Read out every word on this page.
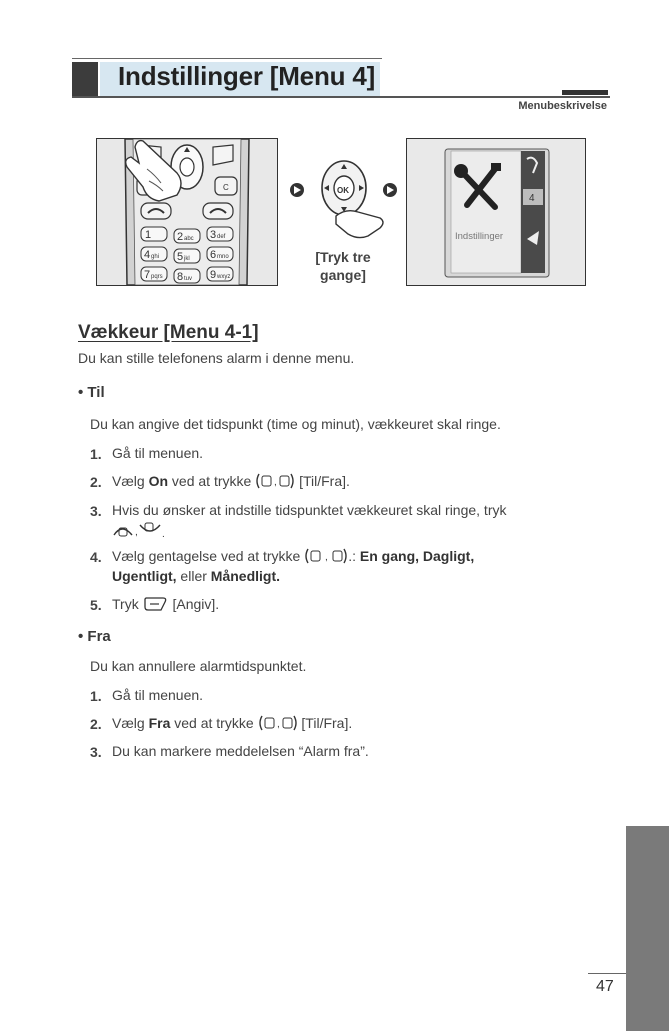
Indstillinger [Menu 4]
Menubeskrivelse
C
1 2 abc 3 def
4 ghi 5 jkl 6 mno
7 pqrs 8 tuv 9 wxyz
OK
[Tryk tre
gange]
4
Indstillinger
Vækkeur [Menu 4-1]
Du kan stille telefonens alarm i denne menu.
• Til
Du kan angive det tidspunkt (time og minut), vækkeuret skal ringe.
1. Gå til menuen.
2. Vælg On ved at trykke , [Til/Fra].
3. Hvis du ønsker at indstille tidspunktet vækkeuret skal ringe, tryk
, .
4. Vælg gentagelse ved at trykke , .: En gang, Dagligt,
Ugentligt, eller Månedligt.
5. Tryk [Angiv].
• Fra
Du kan annullere alarmtidspunktet.
1. Gå til menuen.
2. Vælg Fra ved at trykke , [Til/Fra].
3. Du kan markere meddelelsen “Alarm fra”.
47
